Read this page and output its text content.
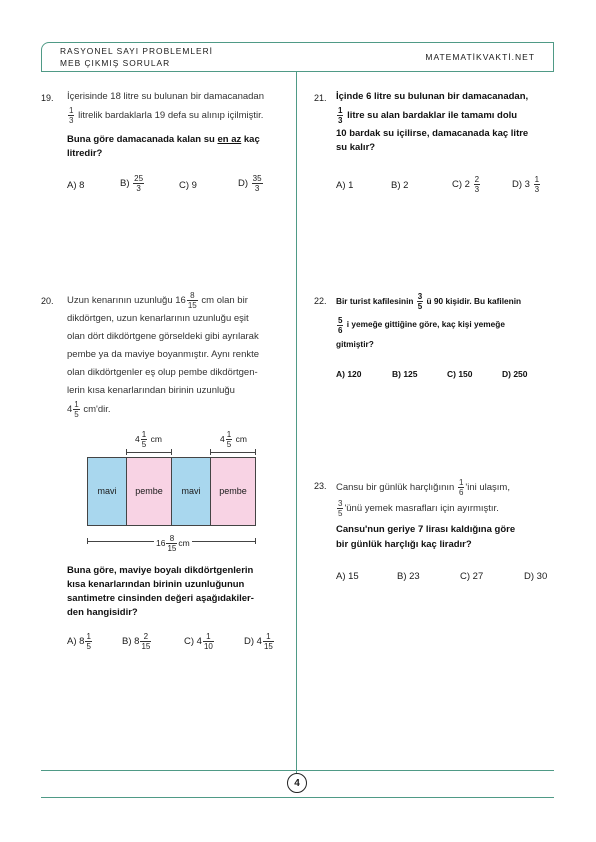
RASYONEL SAYI PROBLEMLERİ
MEB ÇIKMIŞ SORULAR
MATEMATİKVAKTİ.NET
4
19. İçerisinde 18 litre su bulunan bir damacanadan
$\frac{1}{3}$ litrelik bardaklarla 19 defa su alınıp içilmiştir.
Buna göre damacanada kalan su en az kaç
litredir?
A) 8	$B) \frac{25}{3}$	C) 9	$D) \frac{35}{3}$
20. Uzun kenarının uzunluğu $16 \frac{8}{15}$ cm olan bir
dikdörtgen, uzun kenarlarının uzunluğu eşit
olan dört dikdörtgene görseldeki gibi ayrılarak
pembe ya da maviye boyanmıştır. Aynı renkte
olan dikdörtgenler eş olup pembe dikdörtgen-
lerin kısa kenarlarından birinin uzunluğu
$4 \frac{1}{5} cm'dir$.
$4 \frac{1}{5}$ cm	$4 \frac{1}{5}$ cm
mavi	pembe	mavi	pembe
$16 \frac{8}{15}$ cm
Buna göre, maviye boyalı dikdörtgenlerin
kısa kenarlarından birinin uzunluğunun
santimetre cinsinden değeri aşağıdakiler-
den hangisidir?
A) $8 \frac{1}{5}$	B) $8 \frac{2}{15}$	C) $4 \frac{1}{10}$	D) $4 \frac{1}{15}$
21. İçinde 6 litre su bulunan bir damacanadan,
$\frac{1}{3}$ litre su alan bardaklar ile tamamı dolu
10 bardak su içilirse, damacanada kaç litre
su kalır?
A) 1	B) 2	C) $2 \frac{2}{3}$	D) $3 \frac{1}{3}$
22. Bir turist kafilesinin $\frac{3}{5}$ ü 90 kişidir. Bu kafilenin
$\frac{5}{6}$ i yemeğe gittiğine göre, kaç kişi yemeğe
gitmiştir?
A) 120	B) 125	C) 150	D) 250
23. Cansu bir günlük harçlığının $\frac{1}{6}$ 'ini ulaşım,
$\frac{3}{5}$ 'ünü yemek masrafları için ayırmıştır.
Cansu'nun geriye 7 lirası kaldığına göre
bir günlük harçlığı kaç liradır?
A) 15	B) 23	C) 27	D) 30
